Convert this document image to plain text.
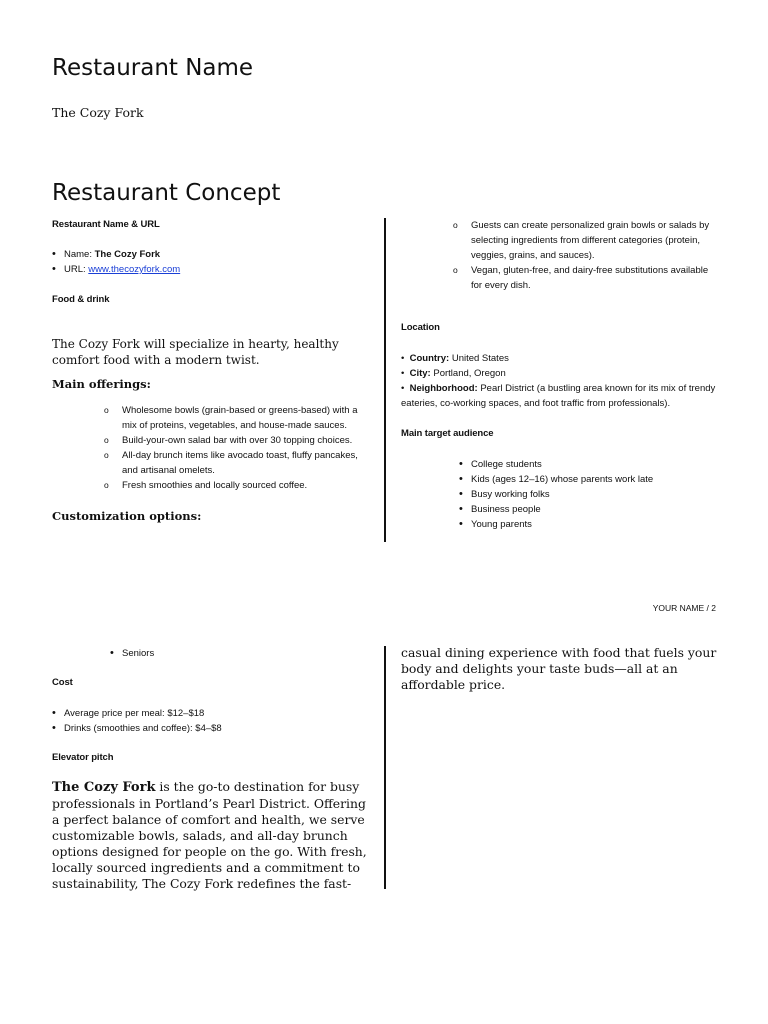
Restaurant Name
The Cozy Fork
Restaurant Concept
Restaurant Name & URL
• Name: The Cozy Fork
• URL: www.thecozyfork.com
Food & drink
The Cozy Fork will specialize in hearty, healthy comfort food with a modern twist.
Main offerings:
o Wholesome bowls (grain-based or greens-based) with a mix of proteins, vegetables, and house-made sauces.
o Build-your-own salad bar with over 30 topping choices.
o All-day brunch items like avocado toast, fluffy pancakes, and artisanal omelets.
o Fresh smoothies and locally sourced coffee.
Customization options:
o Guests can create personalized grain bowls or salads by selecting ingredients from different categories (protein, veggies, grains, and sauces).
o Vegan, gluten-free, and dairy-free substitutions available for every dish.
Location
•  Country: United States
•  City: Portland, Oregon
•  Neighborhood: Pearl District (a bustling area known for its mix of trendy eateries, co-working spaces, and foot traffic from professionals).
Main target audience
• College students
• Kids (ages 12–16) whose parents work late
• Busy working folks
• Business people
• Young parents
YOUR NAME / 2
• Seniors
Cost
• Average price per meal: $12–$18
• Drinks (smoothies and coffee): $4–$8
Elevator pitch
The Cozy Fork is the go-to destination for busy professionals in Portland’s Pearl District. Offering a perfect balance of comfort and health, we serve customizable bowls, salads, and all-day brunch options designed for people on the go. With fresh, locally sourced ingredients and a commitment to sustainability, The Cozy Fork redefines the fast-
casual dining experience with food that fuels your body and delights your taste buds—all at an affordable price.
